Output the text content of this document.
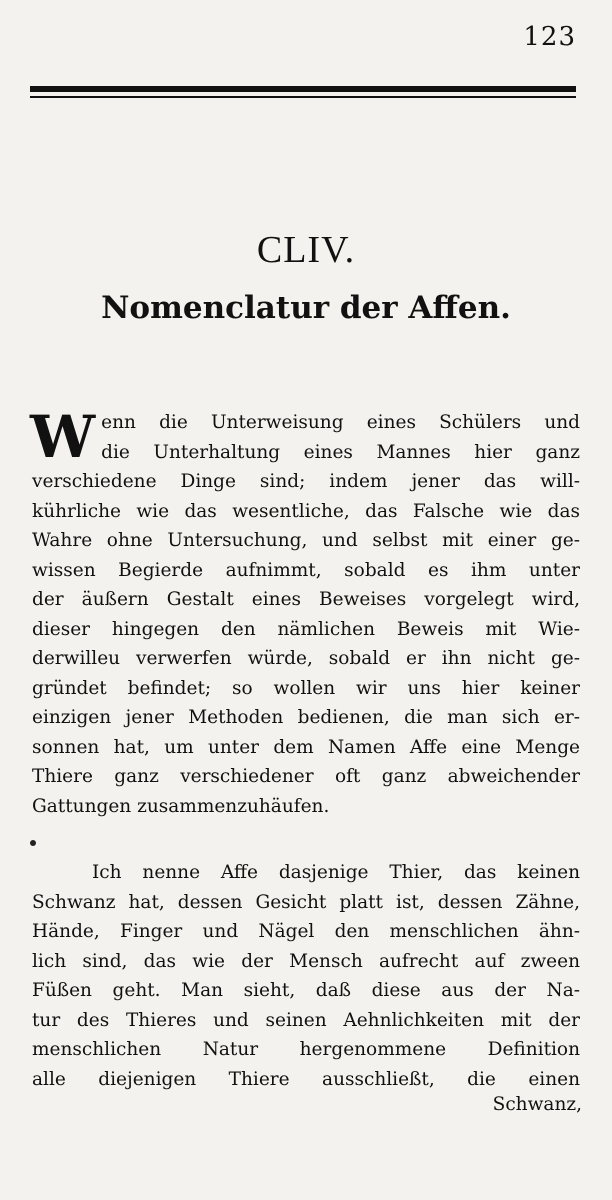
123
CLIV.
Nomenclatur der Affen.
W enn die Unterweisung eines Schülers und
die Unterhaltung eines Mannes hier ganz
verschiedene Dinge sind; indem jener das will-
kührliche wie das wesentliche, das Falsche wie das
Wahre ohne Untersuchung, und selbst mit einer ge-
wissen Begierde aufnimmt, sobald es ihm unter
der äußern Gestalt eines Beweises vorgelegt wird,
dieser hingegen den nämlichen Beweis mit Wie-
derwilleu verwerfen würde, sobald er ihn nicht ge-
gründet befindet; so wollen wir uns hier keiner
einzigen jener Methoden bedienen, die man sich er-
sonnen hat, um unter dem Namen Affe eine Menge
Thiere ganz verschiedener oft ganz abweichender
Gattungen zusammenzuhäufen.
Ich nenne Affe dasjenige Thier, das keinen
Schwanz hat, dessen Gesicht platt ist, dessen Zähne,
Hände, Finger und Nägel den menschlichen ähn-
lich sind, das wie der Mensch aufrecht auf zween
Füßen geht. Man sieht, daß diese aus der Na-
tur des Thieres und seinen Aehnlichkeiten mit der
menschlichen Natur hergenommene Definition
alle diejenigen Thiere ausschließt, die einen
Schwanz,
